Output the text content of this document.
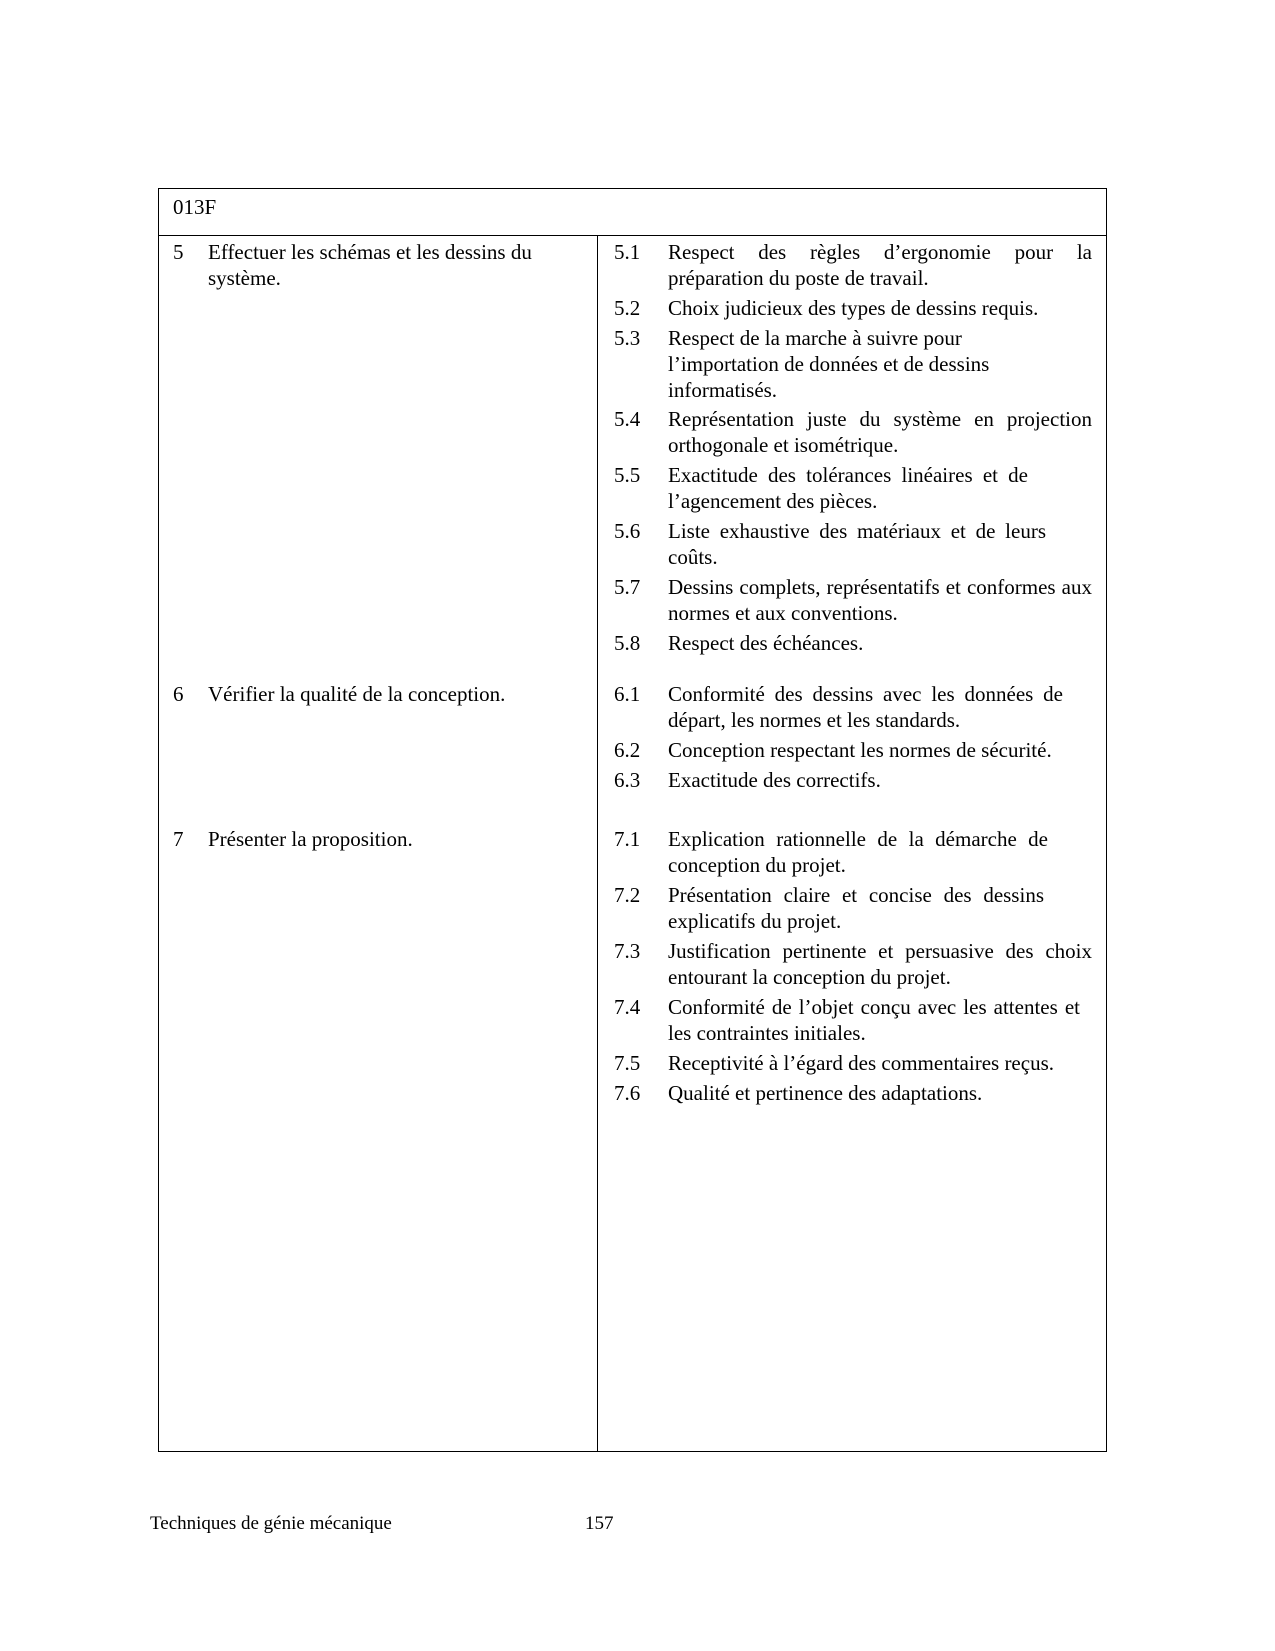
013F
5	Effectuer les schémas et les dessins du système.
6	Vérifier la qualité de la conception.
7	Présenter la proposition.
5.1	Respect des règles d’ergonomie pour la préparation du poste de travail.
5.2	Choix judicieux des types de dessins requis.
5.3	Respect de la marche à suivre pour l’importation de données et de dessins informatisés.
5.4	Représentation juste du système en projection orthogonale et isométrique.
5.5	Exactitude des tolérances linéaires et de l’agencement des pièces.
5.6	Liste exhaustive des matériaux et de leurs coûts.
5.7	Dessins complets, représentatifs et conformes aux normes et aux conventions.
5.8	Respect des échéances.
6.1	Conformité des dessins avec les données de départ, les normes et les standards.
6.2	Conception respectant les normes de sécurité.
6.3	Exactitude des correctifs.
7.1	Explication rationnelle de la démarche de conception du projet.
7.2	Présentation claire et concise des dessins explicatifs du projet.
7.3	Justification pertinente et persuasive des choix entourant la conception du projet.
7.4	Conformité de l’objet conçu avec les attentes et les contraintes initiales.
7.5	Receptivité à l’égard des commentaires reçus.
7.6	Qualité et pertinence des adaptations.
Techniques de génie mécanique	157
